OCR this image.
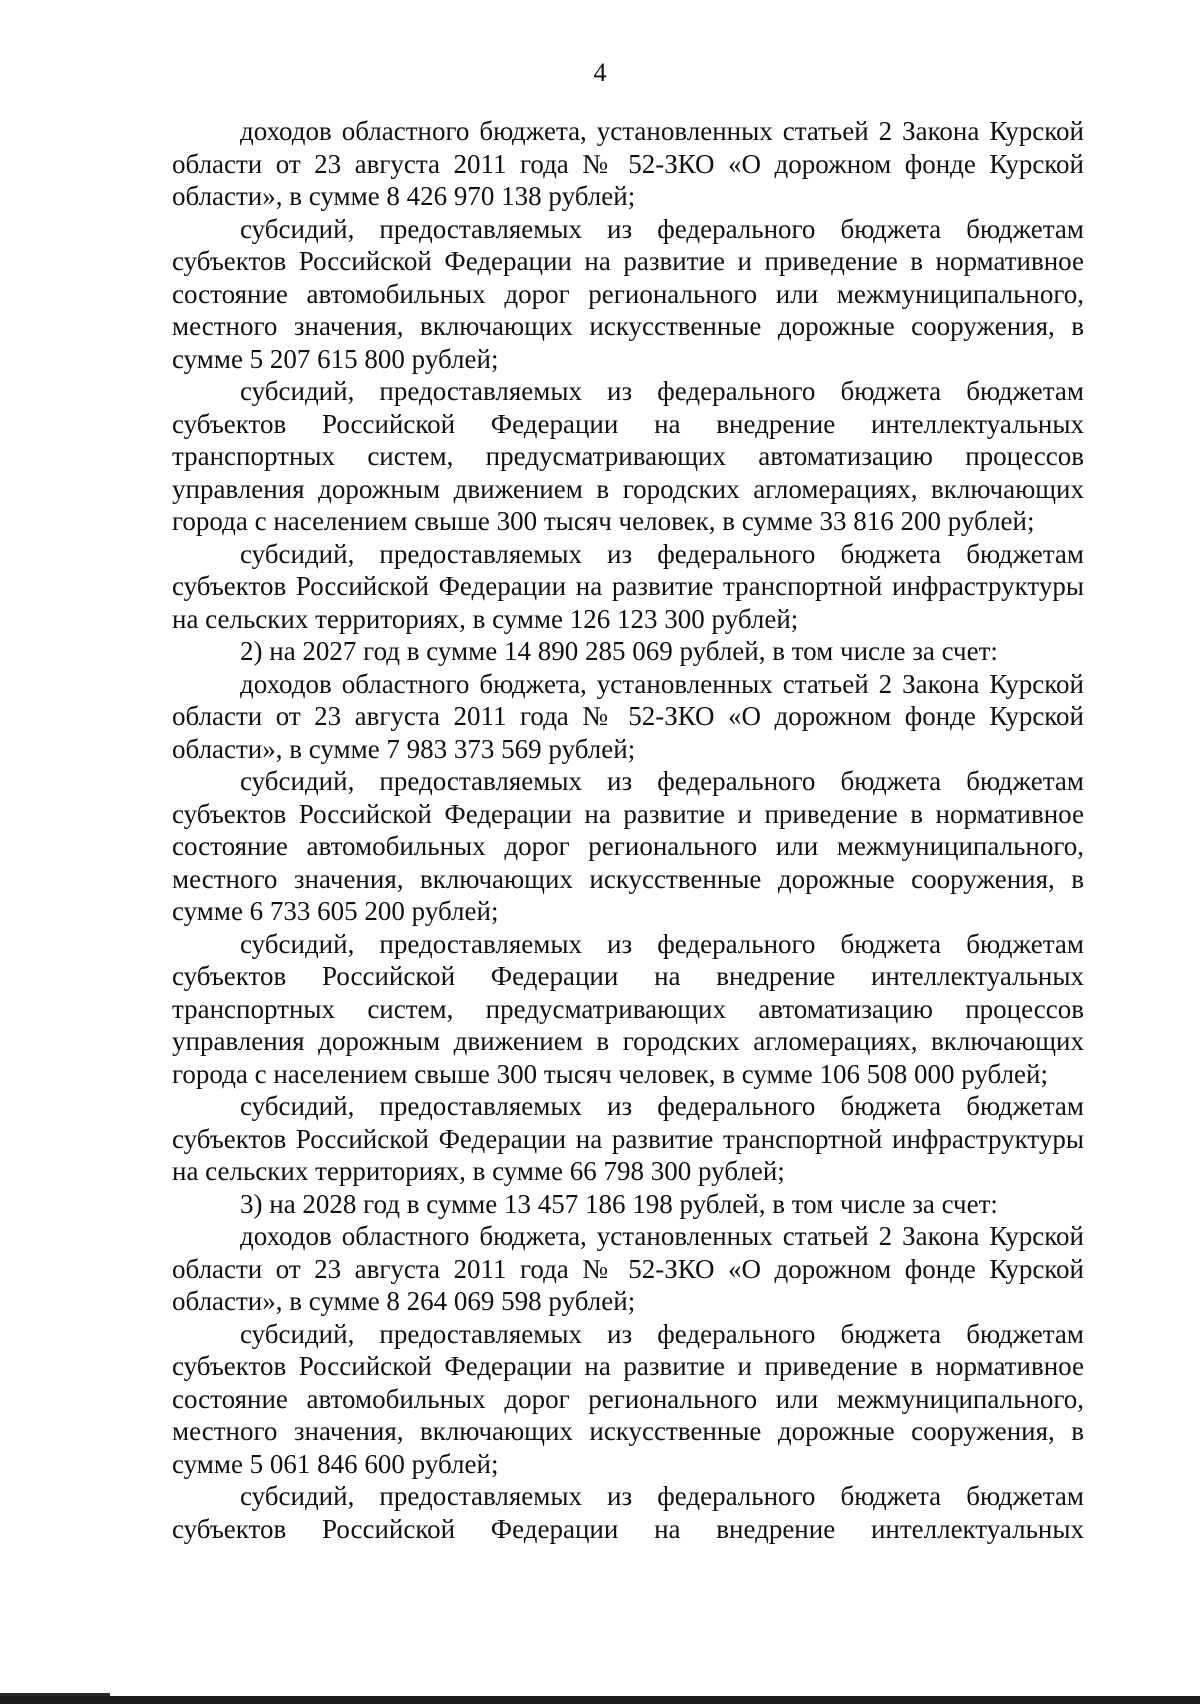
4

доходов областного бюджета, установленных статьей 2 Закона Курской области от 23 августа 2011 года № 52-ЗКО «О дорожном фонде Курской области», в сумме 8 426 970 138 рублей;

субсидий, предоставляемых из федерального бюджета бюджетам субъектов Российской Федерации на развитие и приведение в нормативное состояние автомобильных дорог регионального или межмуниципального, местного значения, включающих искусственные дорожные сооружения, в сумме 5 207 615 800 рублей;

субсидий, предоставляемых из федерального бюджета бюджетам субъектов Российской Федерации на внедрение интеллектуальных транспортных систем, предусматривающих автоматизацию процессов управления дорожным движением в городских агломерациях, включающих города с населением свыше 300 тысяч человек, в сумме 33 816 200 рублей;

субсидий, предоставляемых из федерального бюджета бюджетам субъектов Российской Федерации на развитие транспортной инфраструктуры на сельских территориях, в сумме 126 123 300 рублей;

2) на 2027 год в сумме 14 890 285 069 рублей, в том числе за счет:

доходов областного бюджета, установленных статьей 2 Закона Курской области от 23 августа 2011 года № 52-ЗКО «О дорожном фонде Курской области», в сумме 7 983 373 569 рублей;

субсидий, предоставляемых из федерального бюджета бюджетам субъектов Российской Федерации на развитие и приведение в нормативное состояние автомобильных дорог регионального или межмуниципального, местного значения, включающих искусственные дорожные сооружения, в сумме 6 733 605 200 рублей;

субсидий, предоставляемых из федерального бюджета бюджетам субъектов Российской Федерации на внедрение интеллектуальных транспортных систем, предусматривающих автоматизацию процессов управления дорожным движением в городских агломерациях, включающих города с населением свыше 300 тысяч человек, в сумме 106 508 000 рублей;

субсидий, предоставляемых из федерального бюджета бюджетам субъектов Российской Федерации на развитие транспортной инфраструктуры на сельских территориях, в сумме 66 798 300 рублей;

3) на 2028 год в сумме 13 457 186 198 рублей, в том числе за счет:

доходов областного бюджета, установленных статьей 2 Закона Курской области от 23 августа 2011 года № 52-ЗКО «О дорожном фонде Курской области», в сумме 8 264 069 598 рублей;

субсидий, предоставляемых из федерального бюджета бюджетам субъектов Российской Федерации на развитие и приведение в нормативное состояние автомобильных дорог регионального или межмуниципального, местного значения, включающих искусственные дорожные сооружения, в сумме 5 061 846 600 рублей;

субсидий, предоставляемых из федерального бюджета бюджетам субъектов Российской Федерации на внедрение интеллектуальных
